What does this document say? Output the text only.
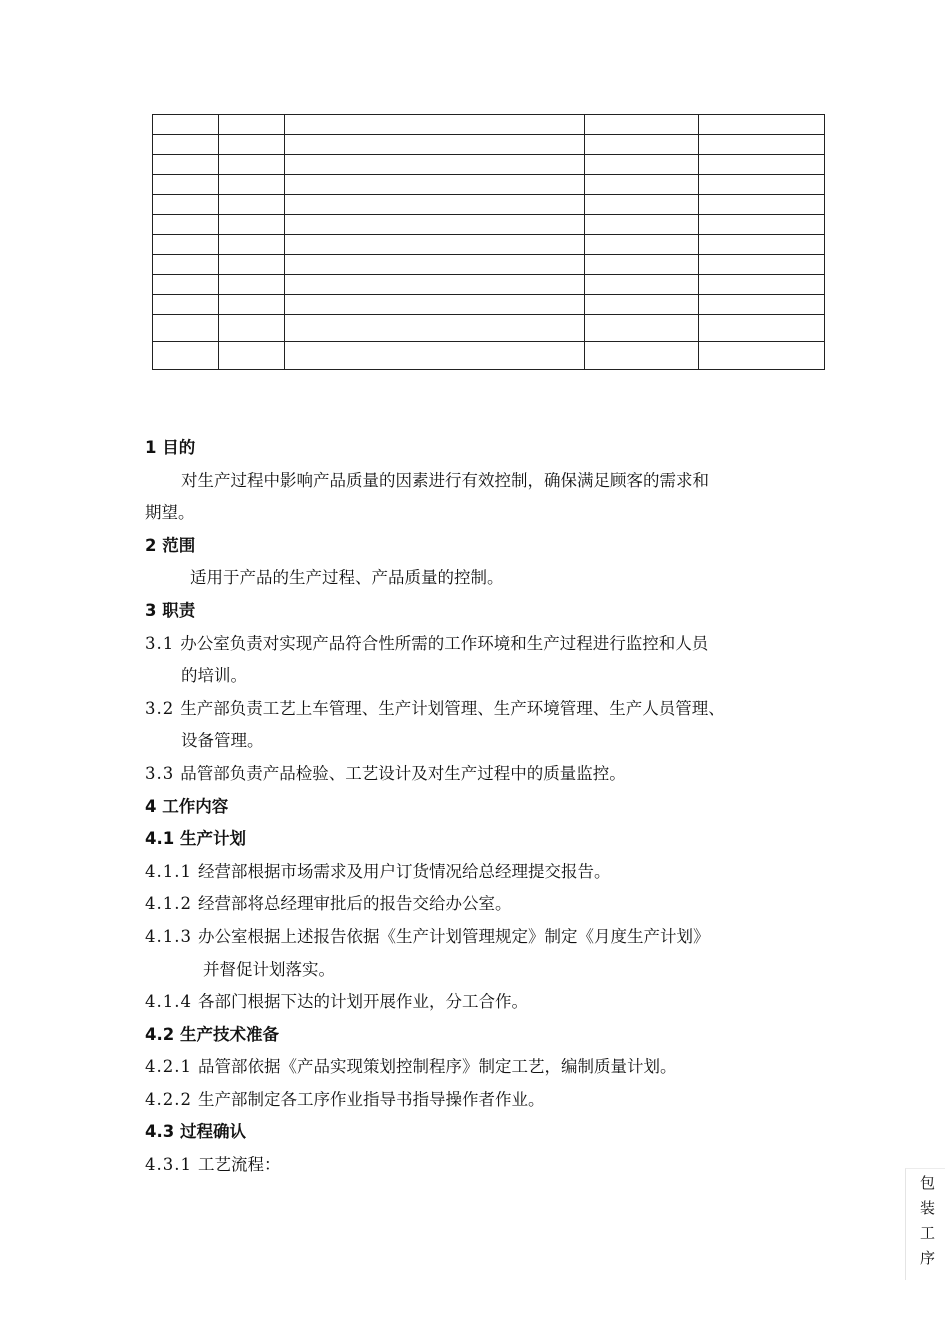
1 目的
对生产过程中影响产品质量的因素进行有效控制，确保满足顾客的需求和
期望。
2 范围
适用于产品的生产过程、产品质量的控制。
3 职责
3.1 办公室负责对实现产品符合性所需的工作环境和生产过程进行监控和人员
的培训。
3.2 生产部负责工艺上车管理、生产计划管理、生产环境管理、生产人员管理、
设备管理。
3.3 品管部负责产品检验、工艺设计及对生产过程中的质量监控。
4 工作内容
4.1 生产计划
4.1.1 经营部根据市场需求及用户订货情况给总经理提交报告。
4.1.2 经营部将总经理审批后的报告交给办公室。
4.1.3 办公室根据上述报告依据《生产计划管理规定》制定《月度生产计划》
并督促计划落实。
4.1.4 各部门根据下达的计划开展作业，分工合作。
4.2 生产技术准备
4.2.1 品管部依据《产品实现策划控制程序》制定工艺，编制质量计划。
4.2.2 生产部制定各工序作业指导书指导操作者作业。
4.3 过程确认
4.3.1 工艺流程：
包
装
工
序
